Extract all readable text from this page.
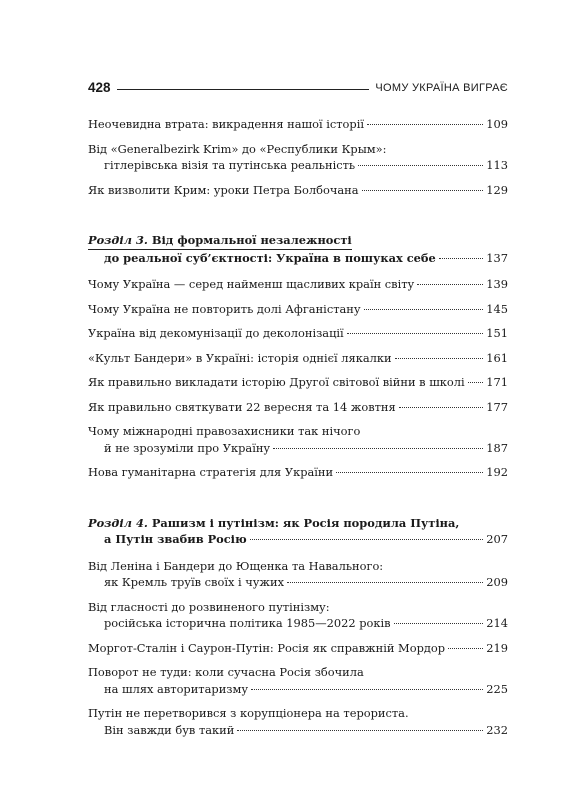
428	ЧОМУ УКРАЇНА ВИГРАЄ
Неочевидна втрата: викрадення нашої історії	109
Від «Generalbezirk Krim» до «Республики Крым»:
гітлерівська візія та путінська реальність	113
Як визволити Крим: уроки Петра Болбочана	129
Розділ 3. Від формальної незалежності
до реальної суб’єктності: Україна в пошуках себе	137
Чому Україна — серед найменш щасливих країн світу	139
Чому Україна не повторить долі Афганістану	145
Україна від декомунізації до деколонізації	151
«Культ Бандери» в Україні: історія однієї лякалки	161
Як правильно викладати історію Другої світової війни в школі 171
Як правильно святкувати 22 вересня та 14 жовтня	177
Чому міжнародні правозахисники так нічого
й не зрозуміли про Україну	187
Нова гуманітарна стратегія для України	192
Розділ 4. Рашизм і путінізм: як Росія породила Путіна,
а Путін звабив Росію	207
Від Леніна і Бандери до Ющенка та Навального:
як Кремль труїв своїх і чужих	209
Від гласності до розвиненого путінізму:
російська історична політика 1985—2022 років	214
Моргот-Сталін і Саурон-Путін: Росія як справжній Мордор	219
Поворот не туди: коли сучасна Росія збочила
на шлях авторитаризму	225
Путін не перетворився з корупціонера на терориста.
Він завжди був такий	232
